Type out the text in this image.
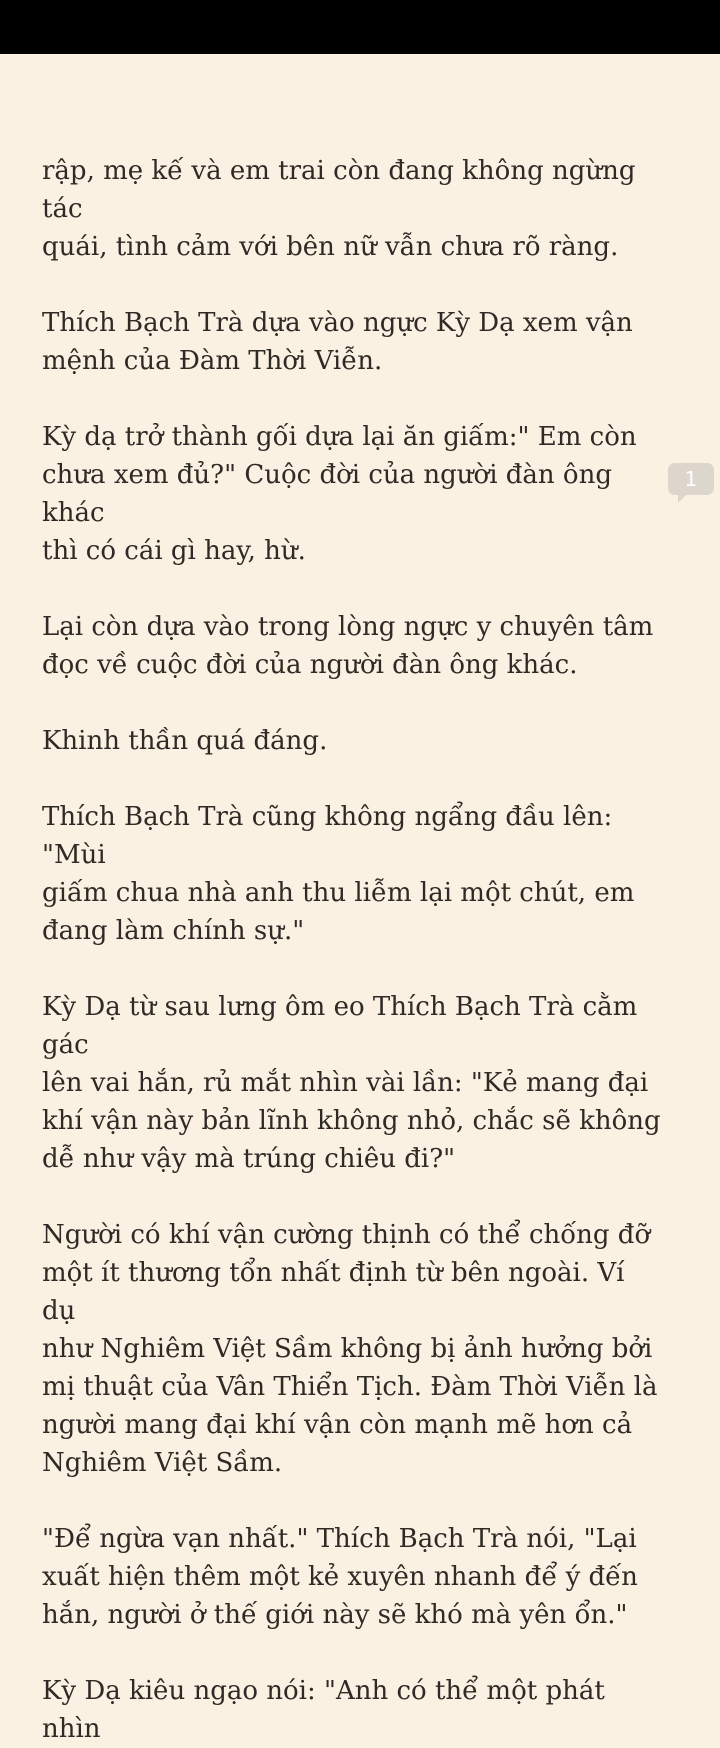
rập, mẹ kế và em trai còn đang không ngừng tác
quái, tình cảm với bên nữ vẫn chưa rõ ràng.

Thích Bạch Trà dựa vào ngực Kỳ Dạ xem vận
mệnh của Đàm Thời Viễn.

Kỳ dạ trở thành gối dựa lại ăn giấm:" Em còn
chưa xem đủ?" Cuộc đời của người đàn ông khác
thì có cái gì hay, hừ.

Lại còn dựa vào trong lòng ngực y chuyên tâm
đọc về cuộc đời của người đàn ông khác.

Khinh thần quá đáng.

Thích Bạch Trà cũng không ngẩng đầu lên: "Mùi
giấm chua nhà anh thu liễm lại một chút, em
đang làm chính sự."

Kỳ Dạ từ sau lưng ôm eo Thích Bạch Trà cằm gác
lên vai hắn, rủ mắt nhìn vài lần: "Kẻ mang đại
khí vận này bản lĩnh không nhỏ, chắc sẽ không
dễ như vậy mà trúng chiêu đi?"

Người có khí vận cường thịnh có thể chống đỡ
một ít thương tổn nhất định từ bên ngoài. Ví dụ
như Nghiêm Việt Sầm không bị ảnh hưởng bởi
mị thuật của Vân Thiển Tịch. Đàm Thời Viễn là
người mang đại khí vận còn mạnh mẽ hơn cả
Nghiêm Việt Sầm.

"Để ngừa vạn nhất." Thích Bạch Trà nói, "Lại
xuất hiện thêm một kẻ xuyên nhanh để ý đến
hắn, người ở thế giới này sẽ khó mà yên ổn."

Kỳ Dạ kiêu ngạo nói: "Anh có thể một phát nhìn

1
